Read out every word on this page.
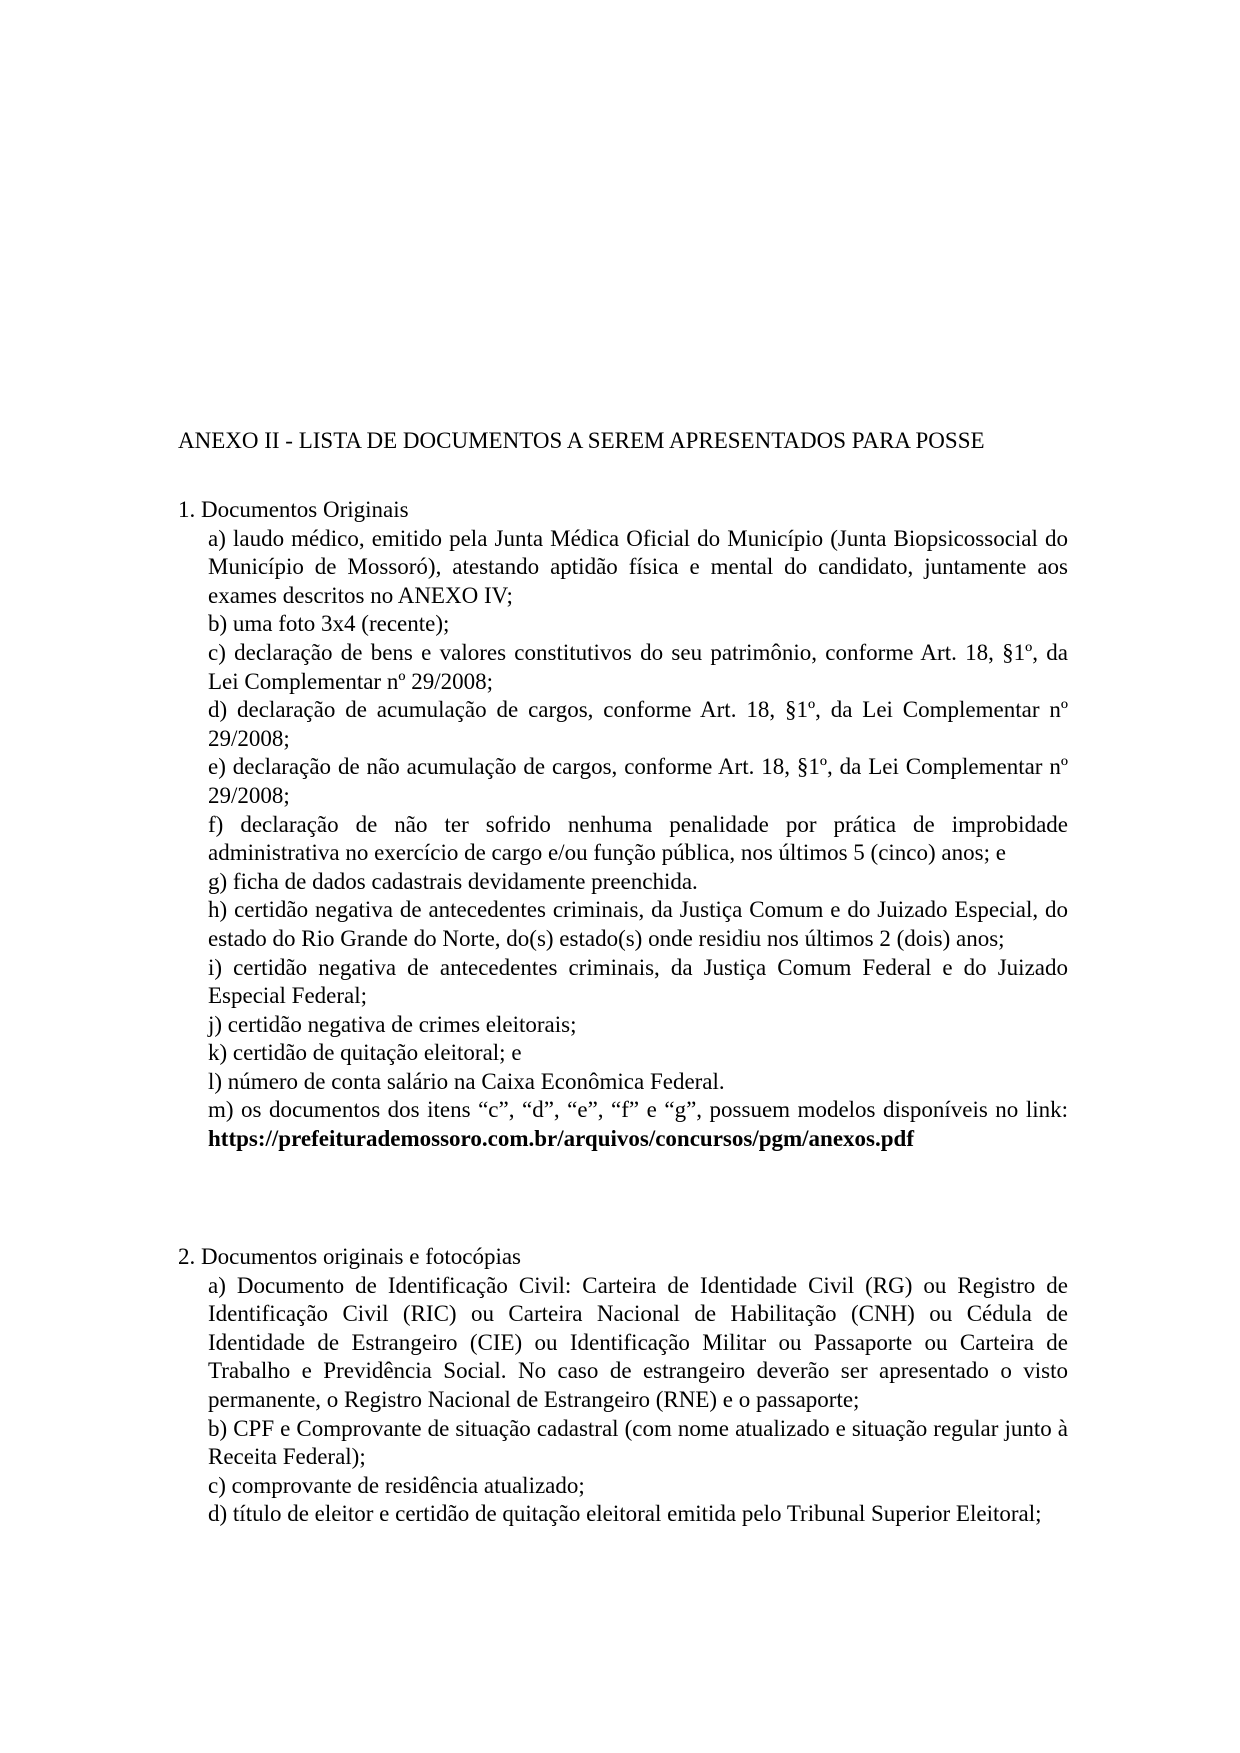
ANEXO II - LISTA DE DOCUMENTOS A SEREM APRESENTADOS PARA POSSE

1. Documentos Originais

a) laudo médico, emitido pela Junta Médica Oficial do Município (Junta Biopsicossocial do Município de Mossoró), atestando aptidão física e mental do candidato, juntamente aos exames descritos no ANEXO IV;
b) uma foto 3x4 (recente);
c) declaração de bens e valores constitutivos do seu patrimônio, conforme Art. 18, §1º, da Lei Complementar nº 29/2008;
d) declaração de acumulação de cargos, conforme Art. 18, §1º, da Lei Complementar nº 29/2008;
e) declaração de não acumulação de cargos, conforme Art. 18, §1º, da Lei Complementar nº 29/2008;
f) declaração de não ter sofrido nenhuma penalidade por prática de improbidade administrativa no exercício de cargo e/ou função pública, nos últimos 5 (cinco) anos; e
g) ficha de dados cadastrais devidamente preenchida.
h) certidão negativa de antecedentes criminais, da Justiça Comum e do Juizado Especial, do estado do Rio Grande do Norte, do(s) estado(s) onde residiu nos últimos 2 (dois) anos;
i) certidão negativa de antecedentes criminais, da Justiça Comum Federal e do Juizado Especial Federal;
j) certidão negativa de crimes eleitorais;
k) certidão de quitação eleitoral; e
l) número de conta salário na Caixa Econômica Federal.
m) os documentos dos itens “c”, “d”, “e”, “f” e “g”, possuem modelos disponíveis no link: https://prefeiturademossoro.com.br/arquivos/concursos/pgm/anexos.pdf

2. Documentos originais e fotocópias

a) Documento de Identificação Civil: Carteira de Identidade Civil (RG) ou Registro de Identificação Civil (RIC) ou Carteira Nacional de Habilitação (CNH) ou Cédula de Identidade de Estrangeiro (CIE) ou Identificação Militar ou Passaporte ou Carteira de Trabalho e Previdência Social. No caso de estrangeiro deverão ser apresentado o visto permanente, o Registro Nacional de Estrangeiro (RNE) e o passaporte;
b) CPF e Comprovante de situação cadastral (com nome atualizado e situação regular junto à Receita Federal);
c) comprovante de residência atualizado;
d) título de eleitor e certidão de quitação eleitoral emitida pelo Tribunal Superior Eleitoral;
